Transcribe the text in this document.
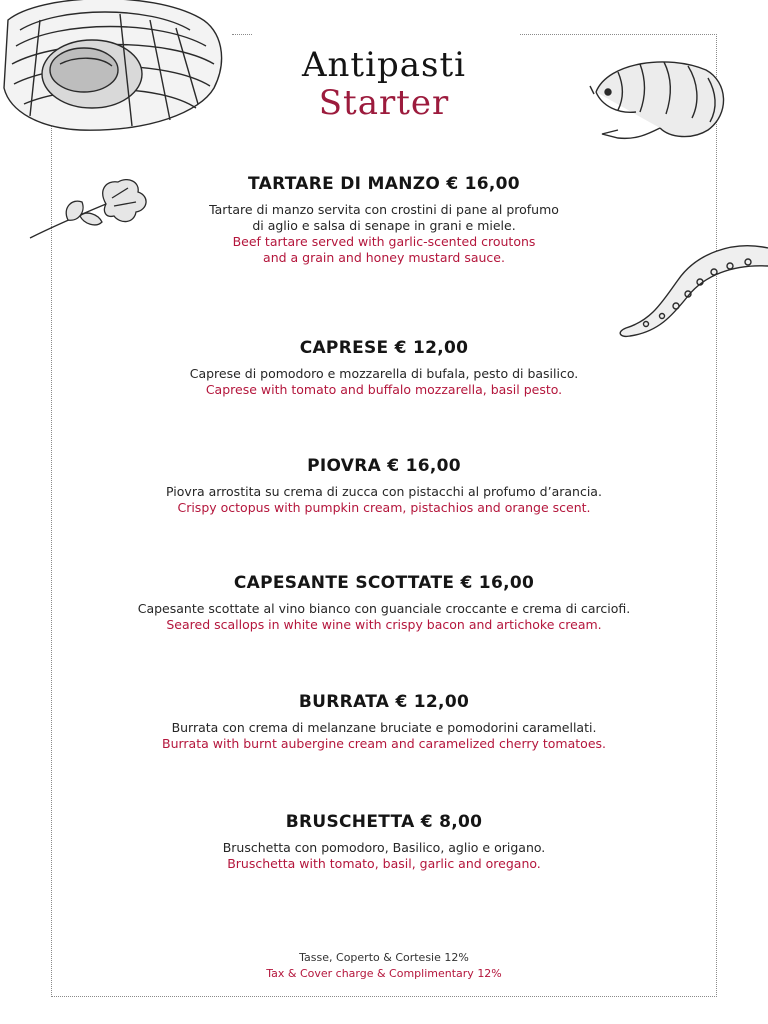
Antipasti
Starter

TARTARE DI MANZO € 16,00

Tartare di manzo servita con crostini di pane al profumo

di aglio e salsa di senape in grani e miele.

Beef tartare served with garlic-scented croutons

and a grain and honey mustard sauce.

CAPRESE € 12,00

Caprese di pomodoro e mozzarella di bufala, pesto di basilico.

Caprese with tomato and buffalo mozzarella, basil pesto.

PIOVRA € 16,00

Piovra arrostita su crema di zucca con pistacchi al profumo d’arancia.

Crispy octopus with pumpkin cream, pistachios and orange scent.

CAPESANTE SCOTTATE € 16,00

Capesante scottate al vino bianco con guanciale croccante e crema di carciofi.

Seared scallops in white wine with crispy bacon and artichoke cream.

BURRATA € 12,00

Burrata con crema di melanzane bruciate e pomodorini caramellati.

Burrata with burnt aubergine cream and caramelized cherry tomatoes.

BRUSCHETTA € 8,00

Bruschetta con pomodoro, Basilico, aglio e origano.

Bruschetta with tomato, basil, garlic and oregano.

Tasse, Coperto & Cortesie 12%
Tax & Cover charge & Complimentary 12%
